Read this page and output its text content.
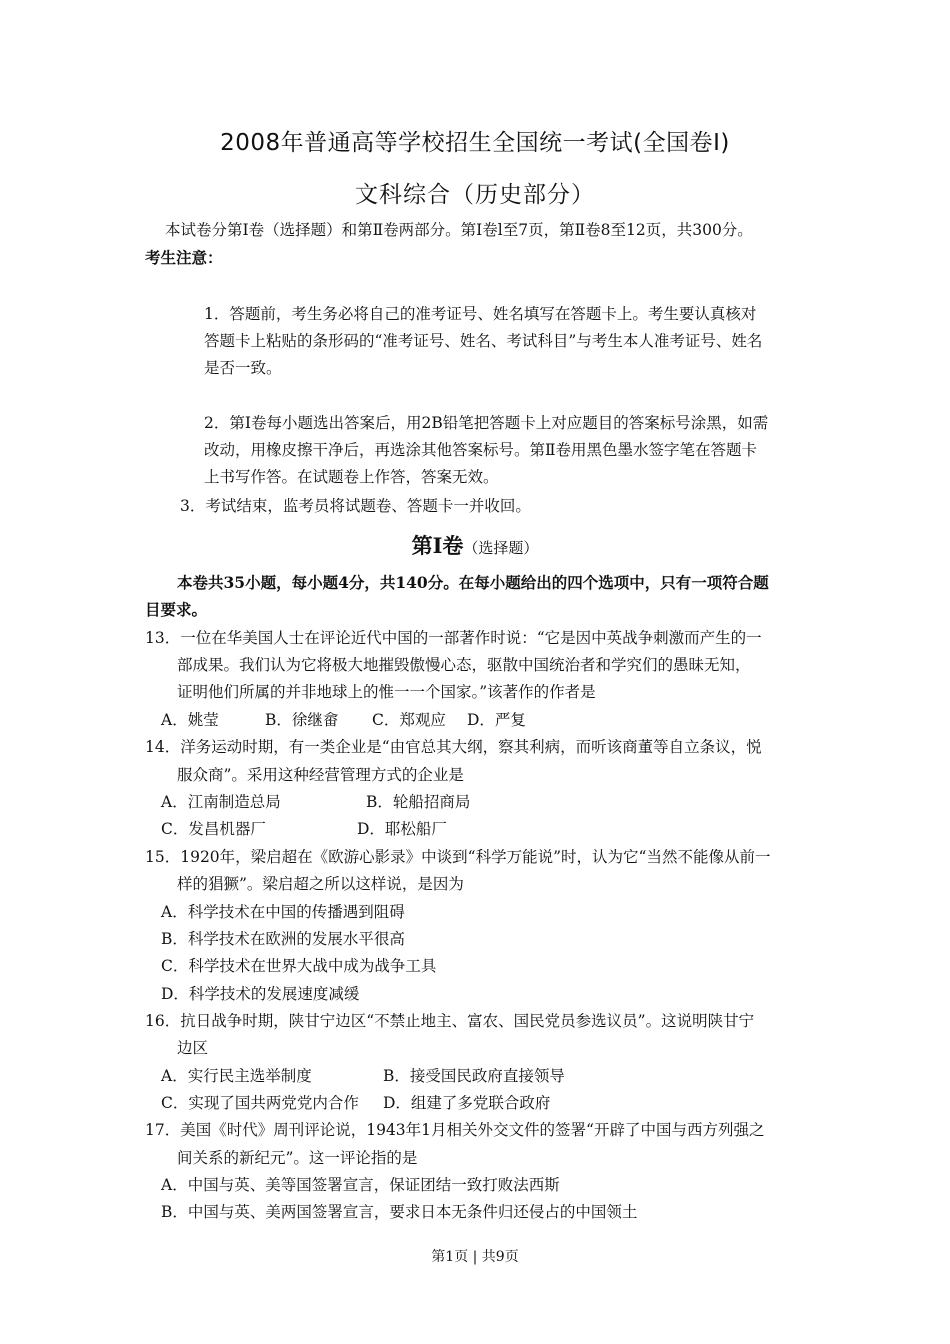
2008年普通高等学校招生全国统一考试(全国卷Ⅰ)
文科综合（历史部分）
本试卷分第Ⅰ卷（选择题）和第Ⅱ卷两部分。第Ⅰ卷l至7页，第Ⅱ卷8至12页，共300分。
考生注意：
1．答题前，考生务必将自己的准考证号、姓名填写在答题卡上。考生要认真核对
答题卡上粘贴的条形码的“准考证号、姓名、考试科目”与考生本人准考证号、姓名
是否一致。
2．第Ⅰ卷每小题选出答案后，用2B铅笔把答题卡上对应题目的答案标号涂黑，如需
改动，用橡皮擦干净后，再选涂其他答案标号。第Ⅱ卷用黑色墨水签字笔在答题卡
上书写作答。在试题卷上作答，答案无效。
3．考试结束，监考员将试题卷、答题卡一并收回。
第Ⅰ卷（选择题）
本卷共35小题，每小题4分，共140分。在每小题给出的四个选项中，只有一项符合题
目要求。
13．一位在华美国人士在评论近代中国的一部著作时说：“它是因中英战争刺激而产生的一
部成果。我们认为它将极大地摧毁傲慢心态，驱散中国统治者和学究们的愚昧无知，
证明他们所属的并非地球上的惟一一个国家。”该著作的作者是
A．姚莹	B．徐继畲 C．郑观应 D．严复
14．洋务运动时期，有一类企业是“由官总其大纲，察其利病，而听该商董等自立条议，悦
服众商”。采用这种经营管理方式的企业是
A．江南制造总局	B．轮船招商局
C．发昌机器厂	D．耶松船厂
15．1920年，梁启超在《欧游心影录》中谈到“科学万能说”时，认为它“当然不能像从前一
样的猖獗”。梁启超之所以这样说，是因为
A．科学技术在中国的传播遇到阻碍
B．科学技术在欧洲的发展水平很高
C．科学技术在世界大战中成为战争工具
D．科学技术的发展速度减缓
16．抗日战争时期，陕甘宁边区“不禁止地主、富农、国民党员参选议员”。这说明陕甘宁
边区
A．实行民主选举制度	B．接受国民政府直接领导
C．实现了国共两党党内合作 D．组建了多党联合政府
17．美国《时代》周刊评论说，1943年1月相关外交文件的签署“开辟了中国与西方列强之
间关系的新纪元”。这一评论指的是
A．中国与英、美等国签署宣言，保证团结一致打败法西斯
B．中国与英、美两国签署宣言，要求日本无条件归还侵占的中国领土
第1页 | 共9页
